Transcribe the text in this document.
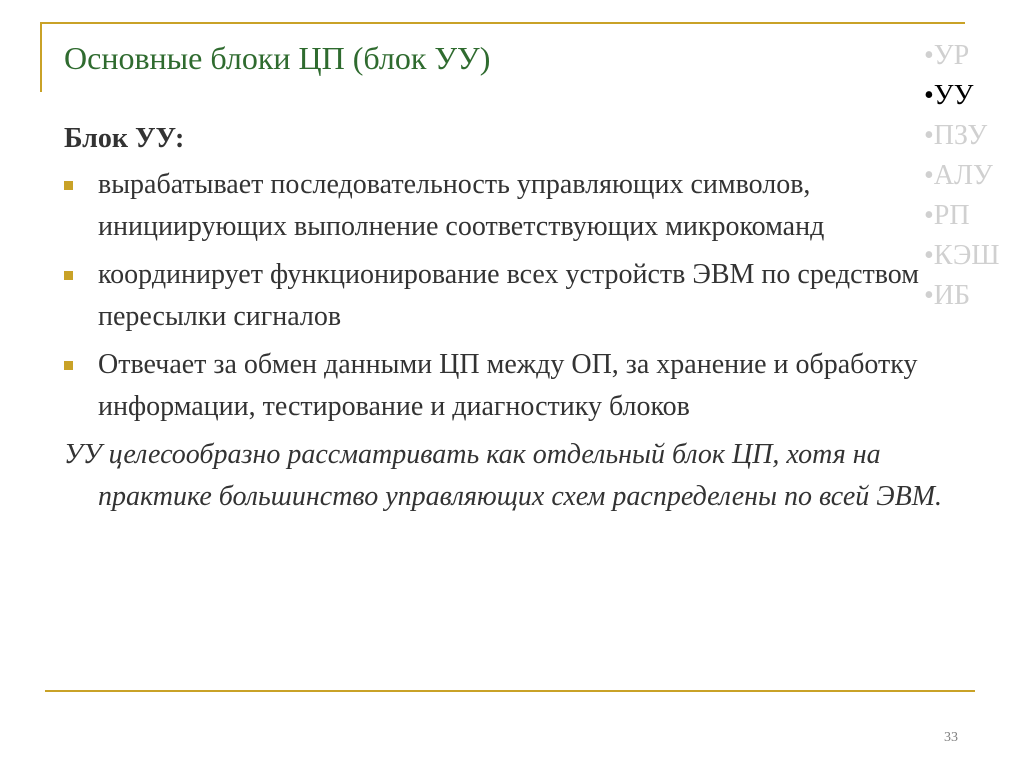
Основные блоки ЦП (блок УУ)	•УР
•УУ
•ПЗУ
•АЛУ
•РП
•КЭШ
•ИБ
Блок УУ:
вырабатывает последовательность управляющих символов, инициирующих выполнение соответствующих микрокоманд
координирует функционирование всех устройств ЭВМ по средством пересылки сигналов
Отвечает за обмен данными ЦП между ОП, за хранение и обработку информации, тестирование и диагностику блоков
УУ целесообразно рассматривать как отдельный блок ЦП, хотя на практике большинство управляющих схем распределены по всей ЭВМ.
33
